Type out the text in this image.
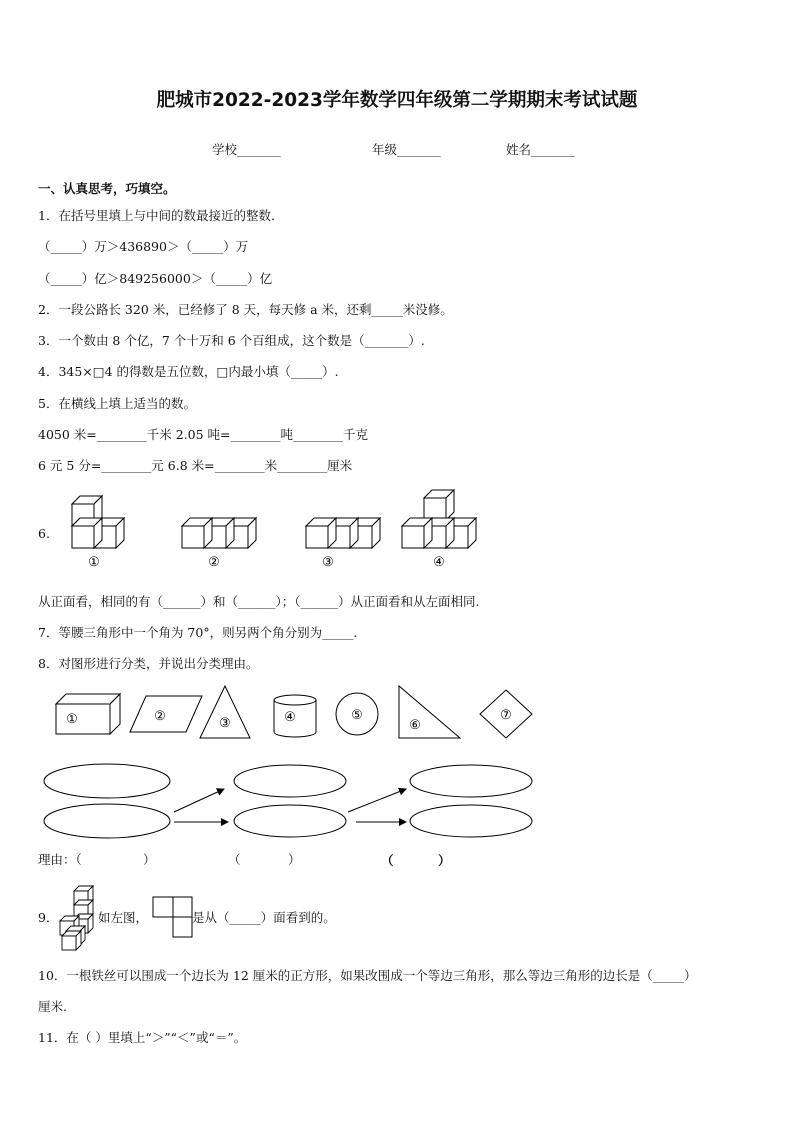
肥城市2022-2023学年数学四年级第二学期期末考试试题
学校_______	年级_______	姓名_______
一、认真思考，巧填空。
1．在括号里填上与中间的数最接近的整数.
（_____）万＞436890＞（_____）万
（_____）亿＞849256000＞（_____）亿
2．一段公路长 320 米，已经修了 8 天，每天修 a 米，还剩_____米没修。
3．一个数由 8 个亿，7 个十万和 6 个百组成，这个数是（_______）.
4．345×□4 的得数是五位数，□内最小填（_____）.
5．在横线上填上适当的数。
4050 米=________千米 2.05 吨=________吨________千克
6 元 5 分=________元 6.8 米=________米________厘米
6.
①	②	③	④
从正面看，相同的有（______）和（______）；（______）从正面看和从左面相同.
7．等腰三角形中一个角为 70°，则另两个角分别为_____.
8．对图形进行分类，并说出分类理由。
①	②	③	④	⑤
⑥
⑦
理由：（	）	（	）	（	）
9．	如左图，	是从（_____）面看到的。
10．一根铁丝可以围成一个边长为 12 厘米的正方形，如果改围成一个等边三角形，那么等边三角形的边长是（_____）
厘米.
11．在（ ）里填上“＞”“＜”或“＝”。
